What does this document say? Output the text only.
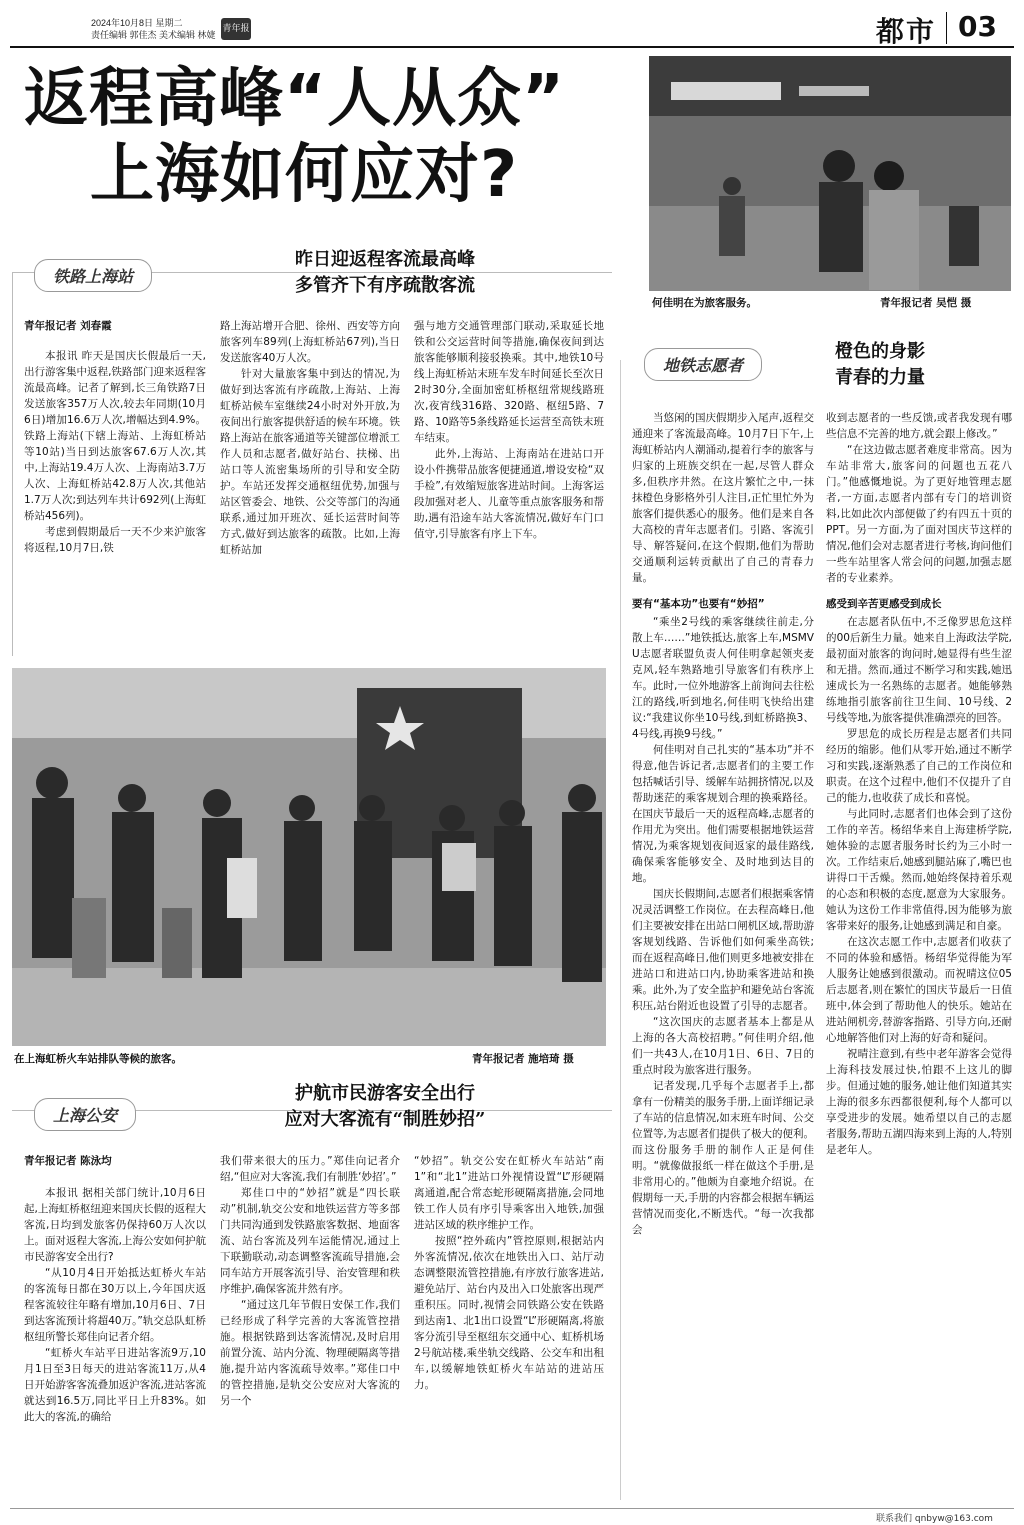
2024年10月8日 星期二
责任编辑 郭佳杰 美术编辑 林婕
青年报	都市 03
返程高峰“人从众”
上海如何应对?
何佳明在为旅客服务。	青年报记者 吴恺 摄
铁路上海站
昨日迎返程客流最高峰
多管齐下有序疏散客流
青年报记者 刘春霞

本报讯 昨天是国庆长假最后一天,出行游客集中返程,铁路部门迎来返程客流最高峰。记者了解到,长三角铁路7日发送旅客357万人次,较去年同期(10月6日)增加16.6万人次,增幅达到4.9%。铁路上海站(下辖上海站、上海虹桥站等10站)当日到达旅客67.6万人次,其中,上海站19.4万人次、上海南站3.7万人次、上海虹桥站42.8万人次,其他站1.7万人次;到达列车共计692列(上海虹桥站456列)。

考虑到假期最后一天不少来沪旅客将返程,10月7日,铁

路上海站增开合肥、徐州、西安等方向旅客列车89列(上海虹桥站67列),当日发送旅客40万人次。

针对大量旅客集中到达的情况,为做好到达客流有序疏散,上海站、上海虹桥站候车室继续24小时对外开放,为夜间出行旅客提供舒适的候车环境。铁路上海站在旅客通道等关键部位增派工作人员和志愿者,做好站台、扶梯、出站口等人流密集场所的引导和安全防护。车站还发挥交通枢纽优势,加强与站区管委会、地铁、公交等部门的沟通联系,通过加开班次、延长运营时间等方式,做好到达旅客的疏散。比如,上海虹桥站加

强与地方交通管理部门联动,采取延长地铁和公交运营时间等措施,确保夜间到达旅客能够顺利接驳换乘。其中,地铁10号线上海虹桥站末班车发车时间延长至次日2时30分,全面加密虹桥枢纽常规线路班次,夜宵线316路、320路、枢纽5路、7路、10路等5条线路延长运营至高铁末班车结束。

此外,上海站、上海南站在进站口开设小件携带品旅客便捷通道,增设安检“双手检”,有效缩短旅客进站时间。上海客运段加强对老人、儿童等重点旅客服务和帮助,遇有沿途车站大客流情况,做好车门口值守,引导旅客有序上下车。

在上海虹桥火车站排队等候的旅客。	青年报记者 施培琦 摄
上海公安
护航市民游客安全出行
应对大客流有“制胜妙招”
青年报记者 陈泳均

本报讯 据相关部门统计,10月6日起,上海虹桥枢纽迎来国庆长假的返程大客流,日均到发旅客仍保持60万人次以上。面对返程大客流,上海公安如何护航市民游客安全出行?

“从10月4日开始抵达虹桥火车站的客流每日都在30万以上,今年国庆返程客流较往年略有增加,10月6日、7日到达客流预计将超40万。”轨交总队虹桥枢纽所警长郑佳向记者介绍。

“虹桥火车站平日进站客流9万,10月1日至3日每天的进站客流11万,从4日开始游客客流叠加返沪客流,进站客流就达到16.5万,同比平日上升83%。如此大的客流,的确给

我们带来很大的压力。”郑佳向记者介绍,“但应对大客流,我们有制胜‘妙招’。”

郑佳口中的“妙招”就是“四长联动”机制,轨交公安和地铁运营方等多部门共同沟通到发铁路旅客数据、地面客流、站台客流及列车运能情况,通过上下联勤联动,动态调整客流疏导措施,会同车站方开展客流引导、治安管理和秩序维护,确保客流井然有序。

“通过这几年节假日安保工作,我们已经形成了科学完善的大客流管控措施。根据铁路到达客流情况,及时启用前置分流、站内分流、物理硬隔离等措施,提升站内客流疏导效率。”郑佳口中的管控措施,是轨交公安应对大客流的另一个

“妙招”。轨交公安在虹桥火车站站“南1”和“北1”进站口外视情设置“L”形硬隔离通道,配合常态蛇形硬隔离措施,会同地铁工作人员有序引导乘客出入地铁,加强进站区域的秩序维护工作。

按照“控外疏内”管控原则,根据站内外客流情况,依次在地铁出入口、站厅动态调整限流管控措施,有序放行旅客进站,避免站厅、站台内及出入口处旅客出现严重积压。同时,视情会同铁路公安在铁路到达南1、北1出口设置“L”形硬隔离,将旅客分流引导至枢纽东交通中心、虹桥机场2号航站楼,乘坐轨交线路、公交车和出租车,以缓解地铁虹桥火车站站的进站压力。

地铁志愿者
橙色的身影
青春的力量

当悠闲的国庆假期步入尾声,返程交通迎来了客流最高峰。10月7日下午,上海虹桥站内人潮涌动,提着行李的旅客与归家的上班族交织在一起,尽管人群众多,但秩序井然。在这片繁忙之中,一抹抹橙色身影格外引人注目,正忙里忙外为旅客们提供悉心的服务。他们是来自各大高校的青年志愿者们。引路、客流引导、解答疑问,在这个假期,他们为帮助交通顺利运转贡献出了自己的青春力量。

要有“基本功”也要有“妙招”

“乘坐2号线的乘客继续往前走,分散上车……”地铁抵达,旅客上车,MSMVU志愿者联盟负责人何佳明拿起领夹麦克风,轻车熟路地引导旅客们有秩序上车。此时,一位外地游客上前询问去往松江的路线,听到地名,何佳明飞快给出建议:“我建议你坐10号线,到虹桥路换3、4号线,再换9号线。”

何佳明对自己扎实的“基本功”并不得意,他告诉记者,志愿者们的主要工作包括喊话引导、缓解车站拥挤情况,以及帮助迷茫的乘客规划合理的换乘路径。在国庆节最后一天的返程高峰,志愿者的作用尤为突出。他们需要根据地铁运营情况,为乘客规划夜间返家的最佳路线,确保乘客能够安全、及时地到达目的地。

国庆长假期间,志愿者们根据乘客情况灵活调整工作岗位。在去程高峰日,他们主要被安排在出站口闸机区域,帮助游客规划线路、告诉他们如何乘坐高铁;而在返程高峰日,他们则更多地被安排在进站口和进站口内,协助乘客进站和换乘。此外,为了安全监护和避免站台客流积压,站台附近也设置了引导的志愿者。

“这次国庆的志愿者基本上都是从上海的各大高校招聘。”何佳明介绍,他们一共43人,在10月1日、6日、7日的重点时段为旅客进行服务。

记者发现,几乎每个志愿者手上,都拿有一份精美的服务手册,上面详细记录了车站的信息情况,如末班车时间、公交位置等,为志愿者们提供了极大的便利。而这份服务手册的制作人正是何佳明。“就像做报纸一样在做这个手册,是非常用心的。”他颇为自豪地介绍说。在假期每一天,手册的内容都会根据车辆运营情况而变化,不断迭代。“每一次我都会

收到志愿者的一些反馈,或者我发现有哪些信息不完善的地方,就会跟上修改。”

“在这边做志愿者难度非常高。因为车站非常大,旅客问的问题也五花八门。”他感慨地说。为了更好地管理志愿者,一方面,志愿者内部有专门的培训资料,比如此次内部便做了约有四五十页的PPT。另一方面,为了面对国庆节这样的情况,他们会对志愿者进行考核,询问他们一些车站里客人常会问的问题,加强志愿者的专业素养。

感受到辛苦更感受到成长

在志愿者队伍中,不乏像罗思危这样的00后新生力量。她来自上海政法学院,最初面对旅客的询问时,她显得有些生涩和无措。然而,通过不断学习和实践,她迅速成长为一名熟练的志愿者。她能够熟练地指引旅客前往卫生间、10号线、2号线等地,为旅客提供准确漂亮的回答。

罗思危的成长历程是志愿者们共同经历的缩影。他们从零开始,通过不断学习和实践,逐渐熟悉了自己的工作岗位和职责。在这个过程中,他们不仅提升了自己的能力,也收获了成长和喜悦。

与此同时,志愿者们也体会到了这份工作的辛苦。杨绍华来自上海建桥学院,她体验的志愿者服务时长约为三小时一次。工作结束后,她感到腿站麻了,嘴巴也讲得口干舌燥。然而,她始终保持着乐观的心态和积极的态度,愿意为大家服务。她认为这份工作非常值得,因为能够为旅客带来好的服务,让她感到满足和自豪。

在这次志愿工作中,志愿者们收获了不同的体验和感悟。杨绍华觉得能为军人服务让她感到很激动。而祝晴这位05后志愿者,则在繁忙的国庆节最后一日值班中,体会到了帮助他人的快乐。她站在进站闸机旁,替游客指路、引导方向,还耐心地解答他们对上海的好奇和疑问。

祝晴注意到,有些中老年游客会觉得上海科技发展过快,怕跟不上这儿的脚步。但通过她的服务,她让他们知道其实上海的很多东西都很便利,每个人都可以享受进步的发展。她希望以自己的志愿者服务,帮助五湖四海来到上海的人,特别是老年人。

联系我们 qnbyw@163.com
